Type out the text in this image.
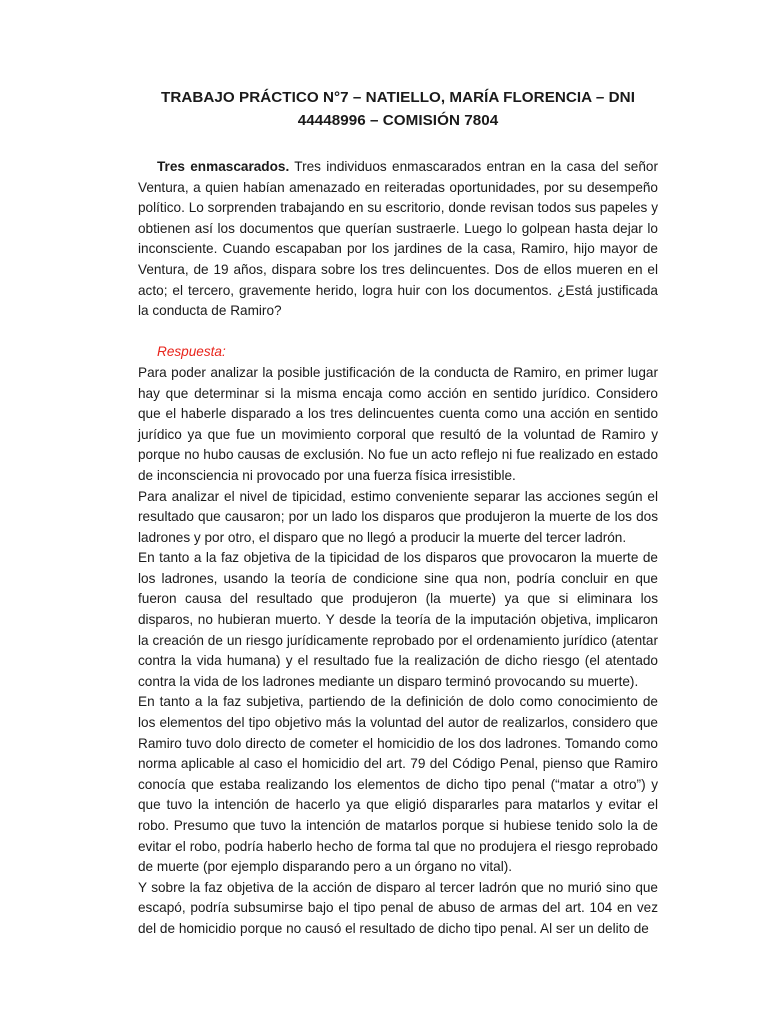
TRABAJO PRÁCTICO N°7 – NATIELLO, MARÍA FLORENCIA – DNI
44448996 – COMISIÓN 7804

Tres enmascarados. Tres individuos enmascarados entran en la casa del señor Ventura, a quien habían amenazado en reiteradas oportunidades, por su desempeño político. Lo sorprenden trabajando en su escritorio, donde revisan todos sus papeles y obtienen así los documentos que querían sustraerle. Luego lo golpean hasta dejar lo inconsciente. Cuando escapaban por los jardines de la casa, Ramiro, hijo mayor de Ventura, de 19 años, dispara sobre los tres delincuentes. Dos de ellos mueren en el acto; el tercero, gravemente herido, logra huir con los documentos. ¿Está justificada la conducta de Ramiro?

Respuesta:

Para poder analizar la posible justificación de la conducta de Ramiro, en primer lugar hay que determinar si la misma encaja como acción en sentido jurídico. Considero que el haberle disparado a los tres delincuentes cuenta como una acción en sentido jurídico ya que fue un movimiento corporal que resultó de la voluntad de Ramiro y porque no hubo causas de exclusión. No fue un acto reflejo ni fue realizado en estado de inconsciencia ni provocado por una fuerza física irresistible.

Para analizar el nivel de tipicidad, estimo conveniente separar las acciones según el resultado que causaron; por un lado los disparos que produjeron la muerte de los dos ladrones y por otro, el disparo que no llegó a producir la muerte del tercer ladrón.

En tanto a la faz objetiva de la tipicidad de los disparos que provocaron la muerte de los ladrones, usando la teoría de condicione sine qua non, podría concluir en que fueron causa del resultado que produjeron (la muerte) ya que si eliminara los disparos, no hubieran muerto. Y desde la teoría de la imputación objetiva, implicaron la creación de un riesgo jurídicamente reprobado por el ordenamiento jurídico (atentar contra la vida humana) y el resultado fue la realización de dicho riesgo (el atentado contra la vida de los ladrones mediante un disparo terminó provocando su muerte).

En tanto a la faz subjetiva, partiendo de la definición de dolo como conocimiento de los elementos del tipo objetivo más la voluntad del autor de realizarlos, considero que Ramiro tuvo dolo directo de cometer el homicidio de los dos ladrones. Tomando como norma aplicable al caso el homicidio del art. 79 del Código Penal, pienso que Ramiro conocía que estaba realizando los elementos de dicho tipo penal (“matar a otro”) y que tuvo la intención de hacerlo ya que eligió dispararles para matarlos y evitar el robo. Presumo que tuvo la intención de matarlos porque si hubiese tenido solo la de evitar el robo, podría haberlo hecho de forma tal que no produjera el riesgo reprobado de muerte (por ejemplo disparando pero a un órgano no vital).

Y sobre la faz objetiva de la acción de disparo al tercer ladrón que no murió sino que escapó, podría subsumirse bajo el tipo penal de abuso de armas del art. 104 en vez del de homicidio porque no causó el resultado de dicho tipo penal. Al ser un delito de
